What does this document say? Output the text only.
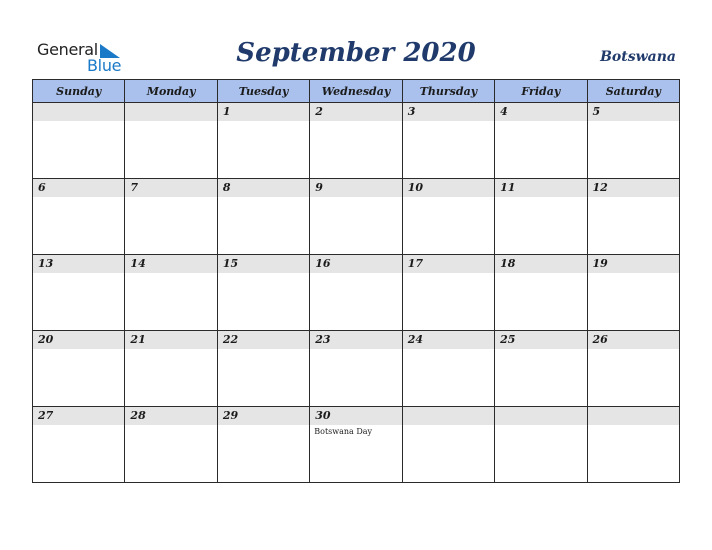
General
Blue	September 2020	Botswana
Sunday	Monday	Tuesday	Wednesday	Thursday	Friday	Saturday

		1	2	3	4	5

6	7	8	9	10	11	12

13	14	15	16	17	18	19

20	21	22	23	24	25	26

27	28	29	30
Botswana Day			
